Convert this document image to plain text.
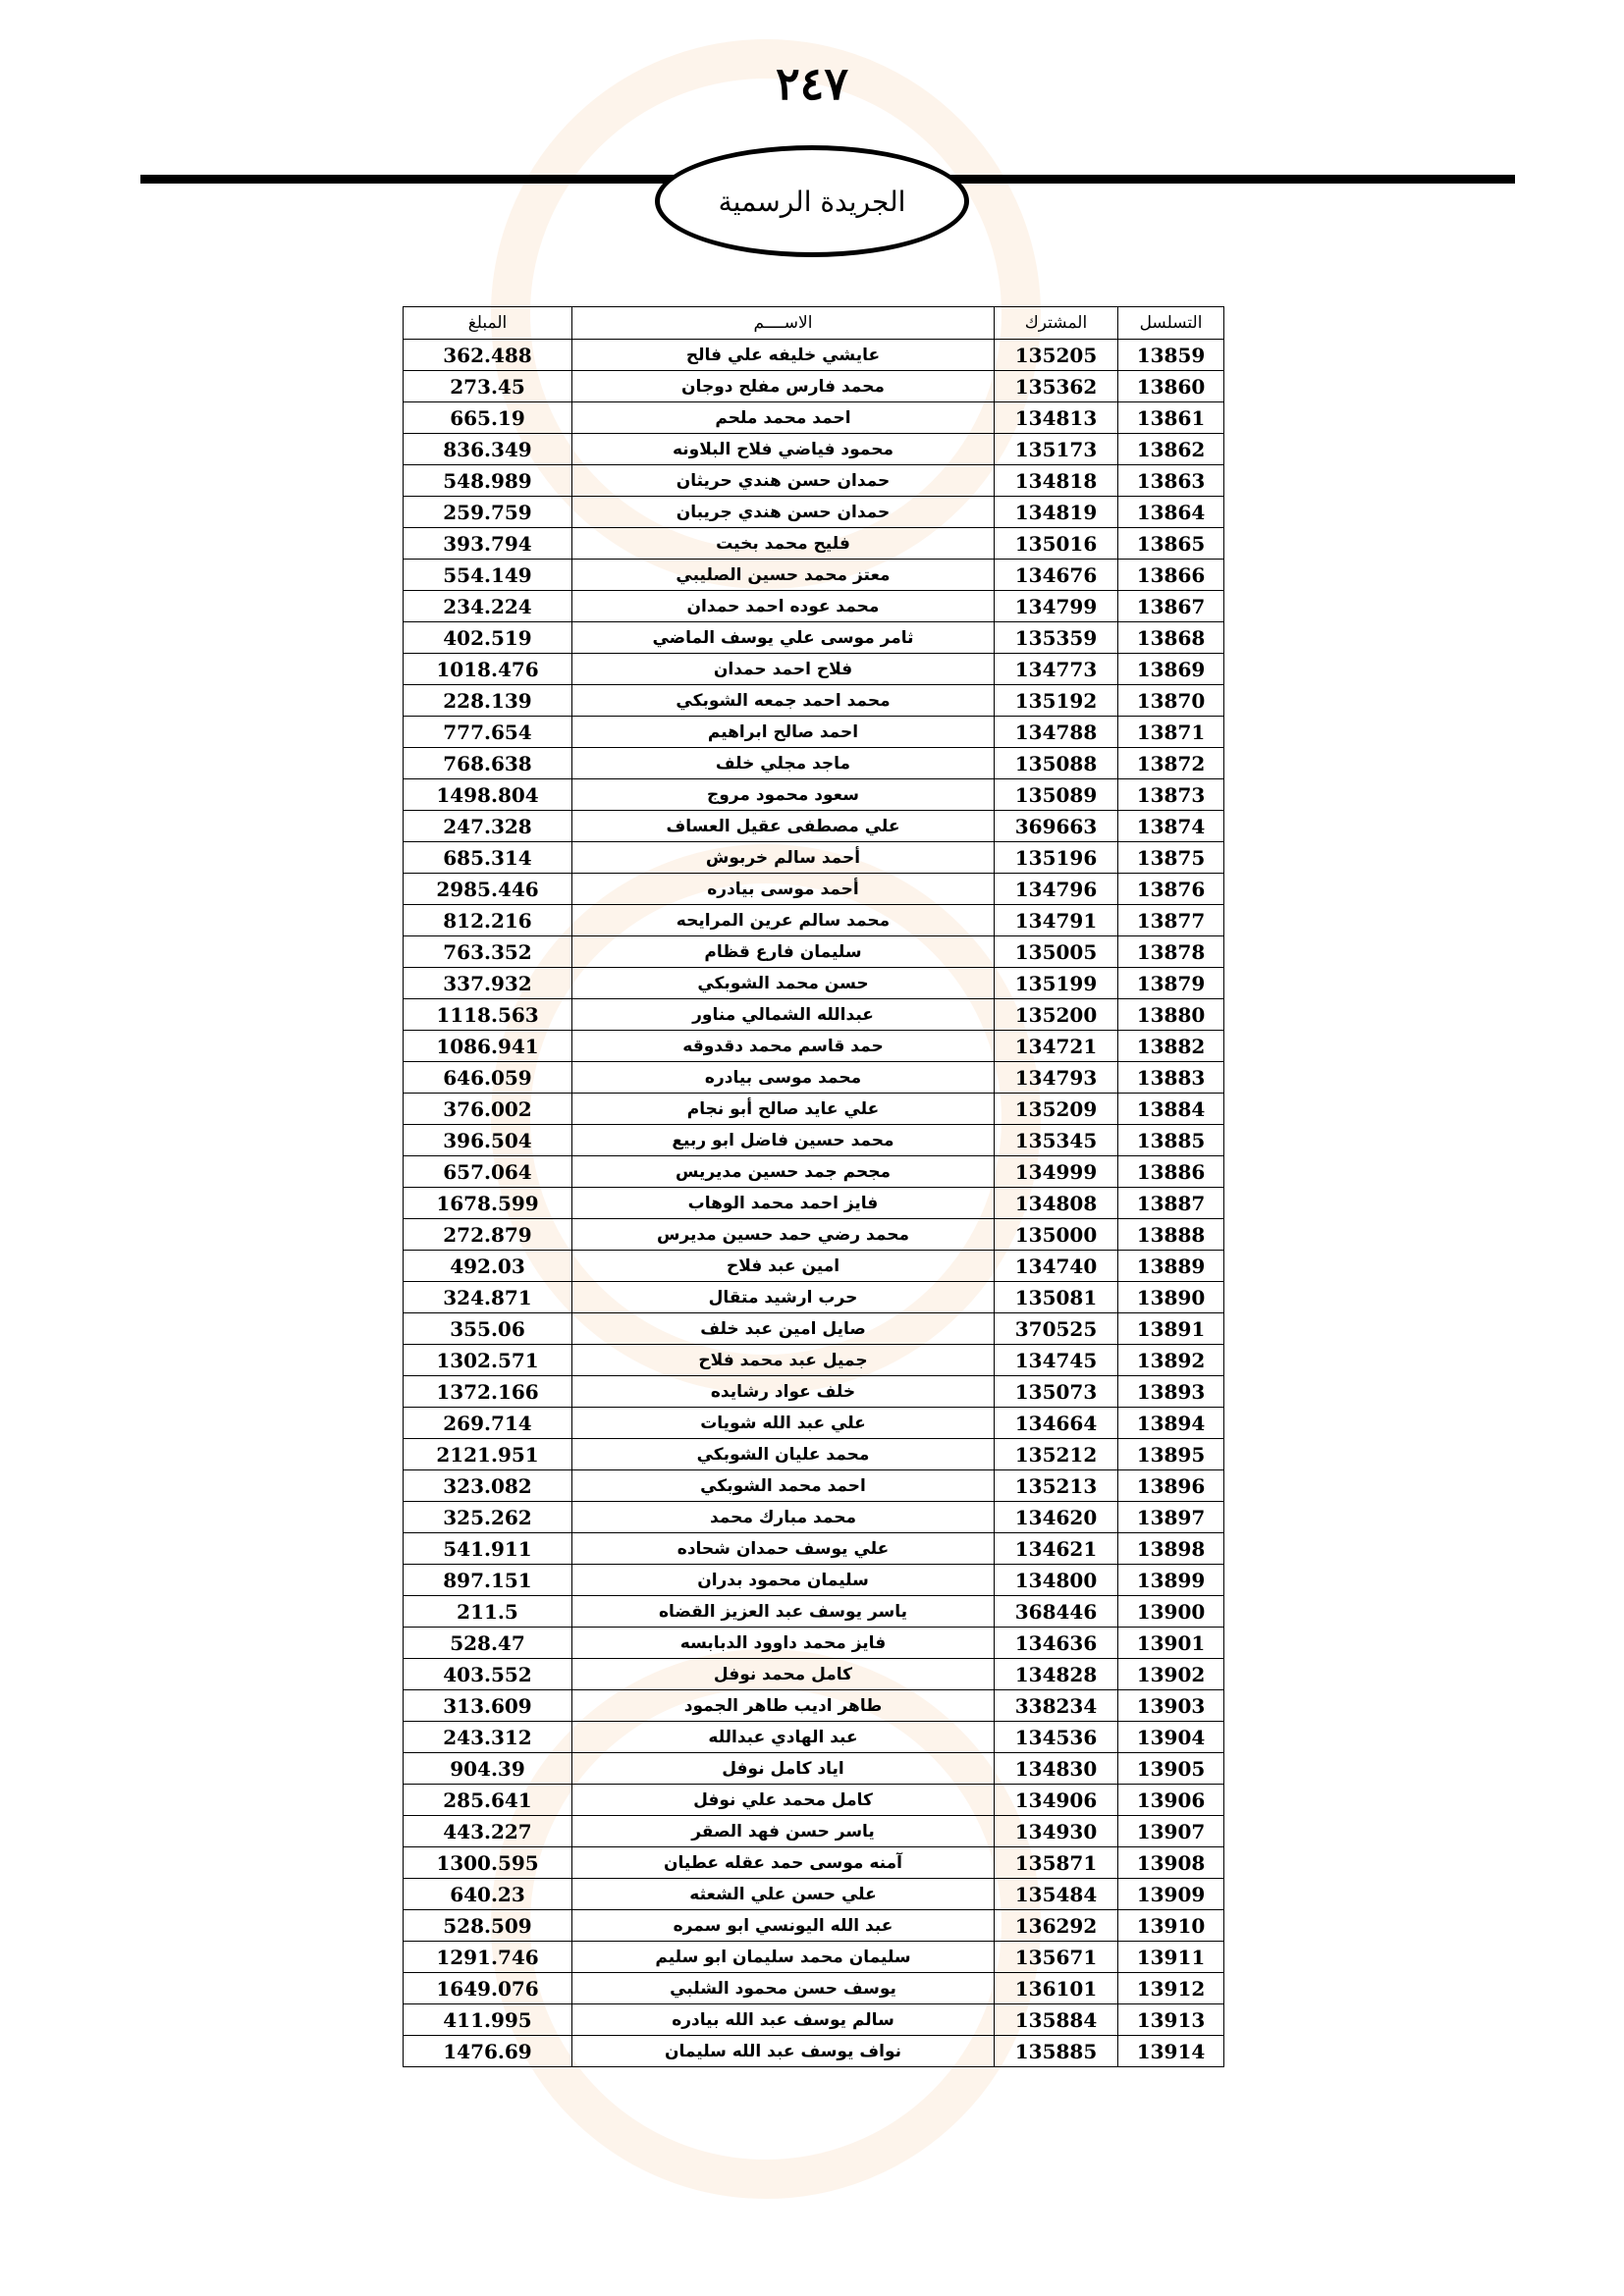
٢٤٧
الجريدة الرسمية
التسلسل	المشترك	الاســــم	المبلغ
13859	135205	عايشي خليفه علي فالح	362.488
13860	135362	محمد فارس مفلح دوجان	273.45
13861	134813	احمد محمد ملحم	665.19
13862	135173	محمود فياضي فلاح البلاونه	836.349
13863	134818	حمدان حسن هندي حريثان	548.989
13864	134819	حمدان حسن هندي جريبان	259.759
13865	135016	فليح محمد بخيت	393.794
13866	134676	معتز محمد حسين الصليبي	554.149
13867	134799	محمد عوده احمد حمدان	234.224
13868	135359	ثامر موسى علي يوسف الماضي	402.519
13869	134773	فلاح احمد حمدان	1018.476
13870	135192	محمد احمد جمعه الشوبكي	228.139
13871	134788	احمد صالح ابراهيم	777.654
13872	135088	ماجد مجلي خلف	768.638
13873	135089	سعود محمود مروج	1498.804
13874	369663	علي مصطفى عقيل العساف	247.328
13875	135196	أحمد سالم خربوش	685.314
13876	134796	أحمد موسى بيادره	2985.446
13877	134791	محمد سالم عرين المرايحه	812.216
13878	135005	سليمان فارع قظام	763.352
13879	135199	حسن محمد الشوبكي	337.932
13880	135200	عبدالله الشمالي مناور	1118.563
13882	134721	حمد قاسم محمد دقدوقه	1086.941
13883	134793	محمد موسى بيادره	646.059
13884	135209	علي عايد صالح أبو نجام	376.002
13885	135345	محمد حسين فاضل ابو ربيع	396.504
13886	134999	مجحم جمد حسين مديريس	657.064
13887	134808	فايز احمد محمد الوهاب	1678.599
13888	135000	محمد رضي حمد حسين مديرس	272.879
13889	134740	امين عبد فلاح	492.03
13890	135081	حرب ارشيد متقال	324.871
13891	370525	صايل امين عبد خلف	355.06
13892	134745	جميل عبد محمد فلاح	1302.571
13893	135073	خلف عواد رشايده	1372.166
13894	134664	علي عبد الله شويات	269.714
13895	135212	محمد عليان الشوبكي	2121.951
13896	135213	احمد محمد الشوبكي	323.082
13897	134620	محمد مبارك محمد	325.262
13898	134621	علي يوسف حمدان شحاده	541.911
13899	134800	سليمان محمود بدران	897.151
13900	368446	ياسر يوسف عبد العزيز القضاه	211.5
13901	134636	فايز محمد داوود الدبابسه	528.47
13902	134828	كامل محمد نوفل	403.552
13903	338234	طاهر اديب طاهر الجمود	313.609
13904	134536	عبد الهادي عبدالله	243.312
13905	134830	اياد كامل نوفل	904.39
13906	134906	كامل محمد علي نوفل	285.641
13907	134930	ياسر حسن فهد الصقر	443.227
13908	135871	آمنه موسى حمد عقله عطيان	1300.595
13909	135484	علي حسن علي الشعثه	640.23
13910	136292	عبد الله اليونسي ابو سمره	528.509
13911	135671	سليمان محمد سليمان ابو سليم	1291.746
13912	136101	يوسف حسن محمود الشلبي	1649.076
13913	135884	سالم يوسف عبد الله بيادره	411.995
13914	135885	نواف يوسف عبد الله سليمان	1476.69
